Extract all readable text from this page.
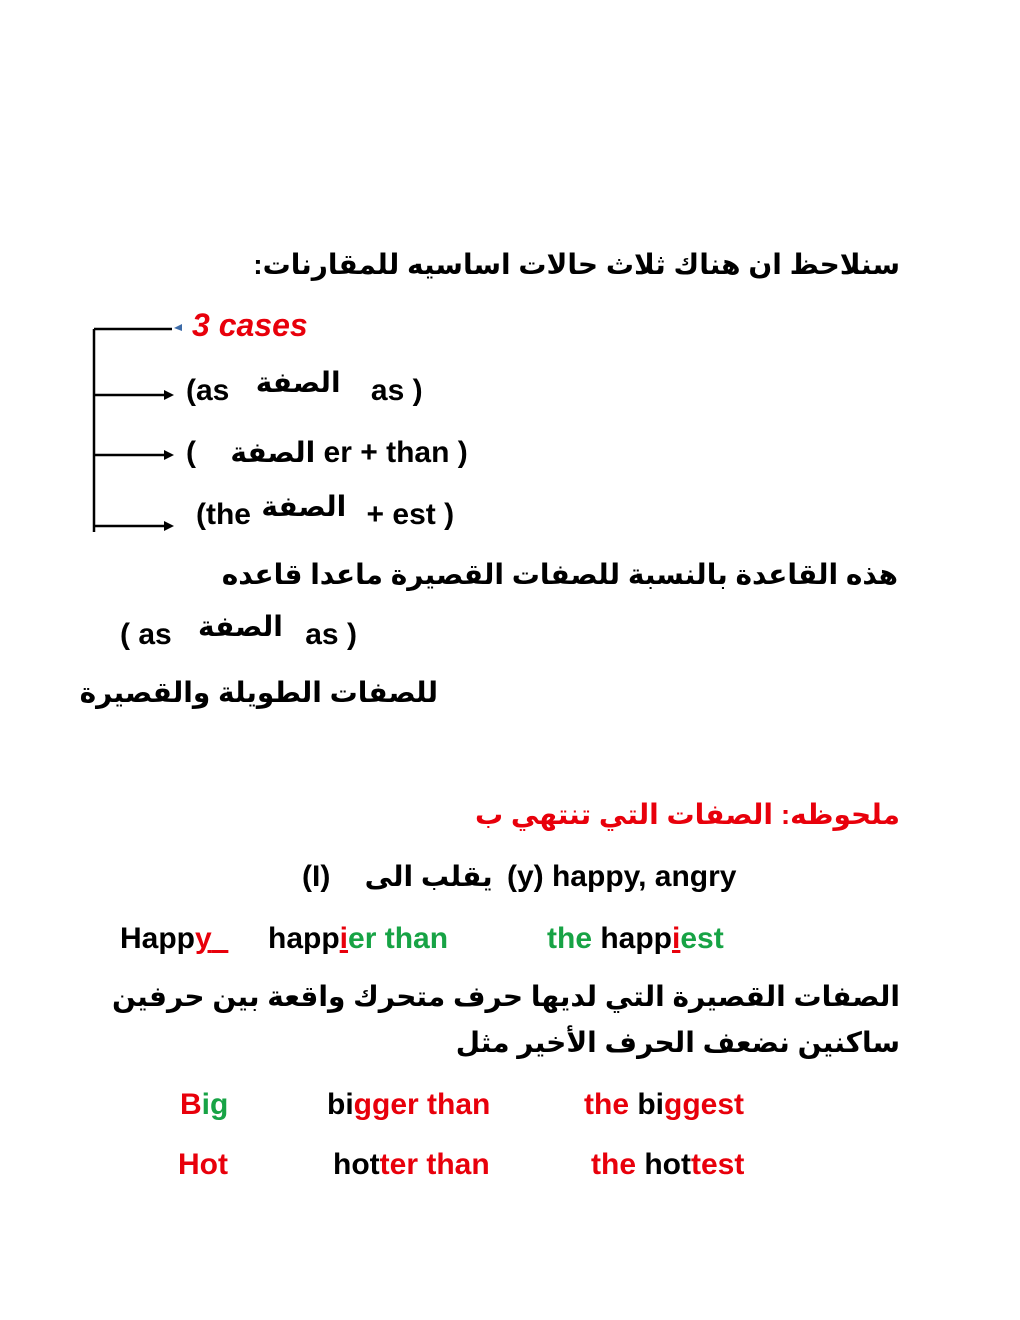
سنلاحظ ان هناك ثلاث حالات اساسيه للمقارنات:
3 cases
(as الصفة as )
( الصفة er + than )
(the الصفة + est )
هذه القاعدة بالنسبة للصفات القصيرة ماعدا قاعده
( as الصفة as )
للصفات الطويلة والقصيرة
ملحوظه: الصفات التي تنتهي ب
(I) يقلب الى (y) happy, angry
Happy	happier than	the happiest
الصفات القصيرة التي لديها حرف متحرك واقعة بين حرفين
ساكنين نضعف الحرف الأخير مثل
Big	bigger than	the biggest
Hot	hotter than	the hottest
